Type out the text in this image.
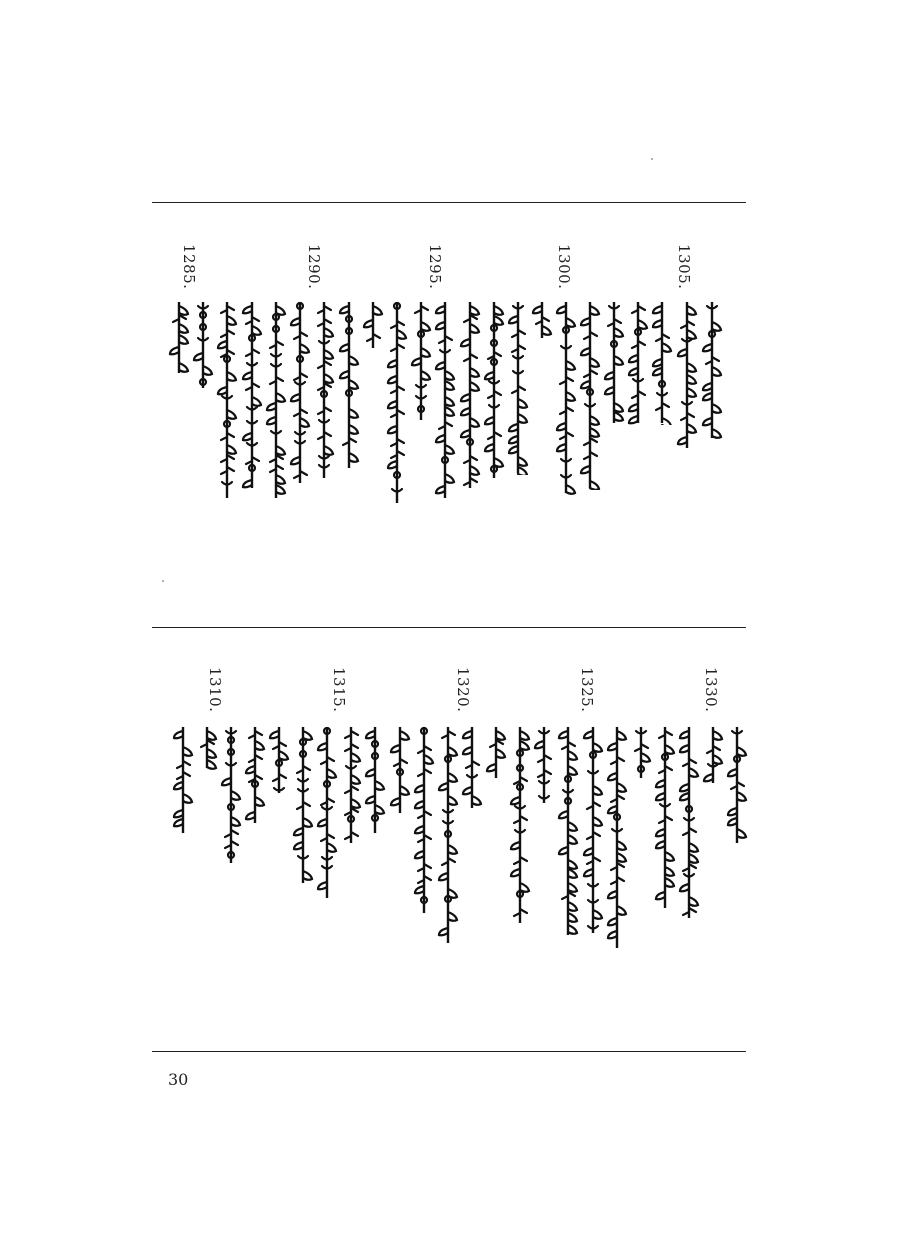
1305.
1300.
1295.
1290.
1285.
1330.
1325.
1320.
1315.
1310.
30
